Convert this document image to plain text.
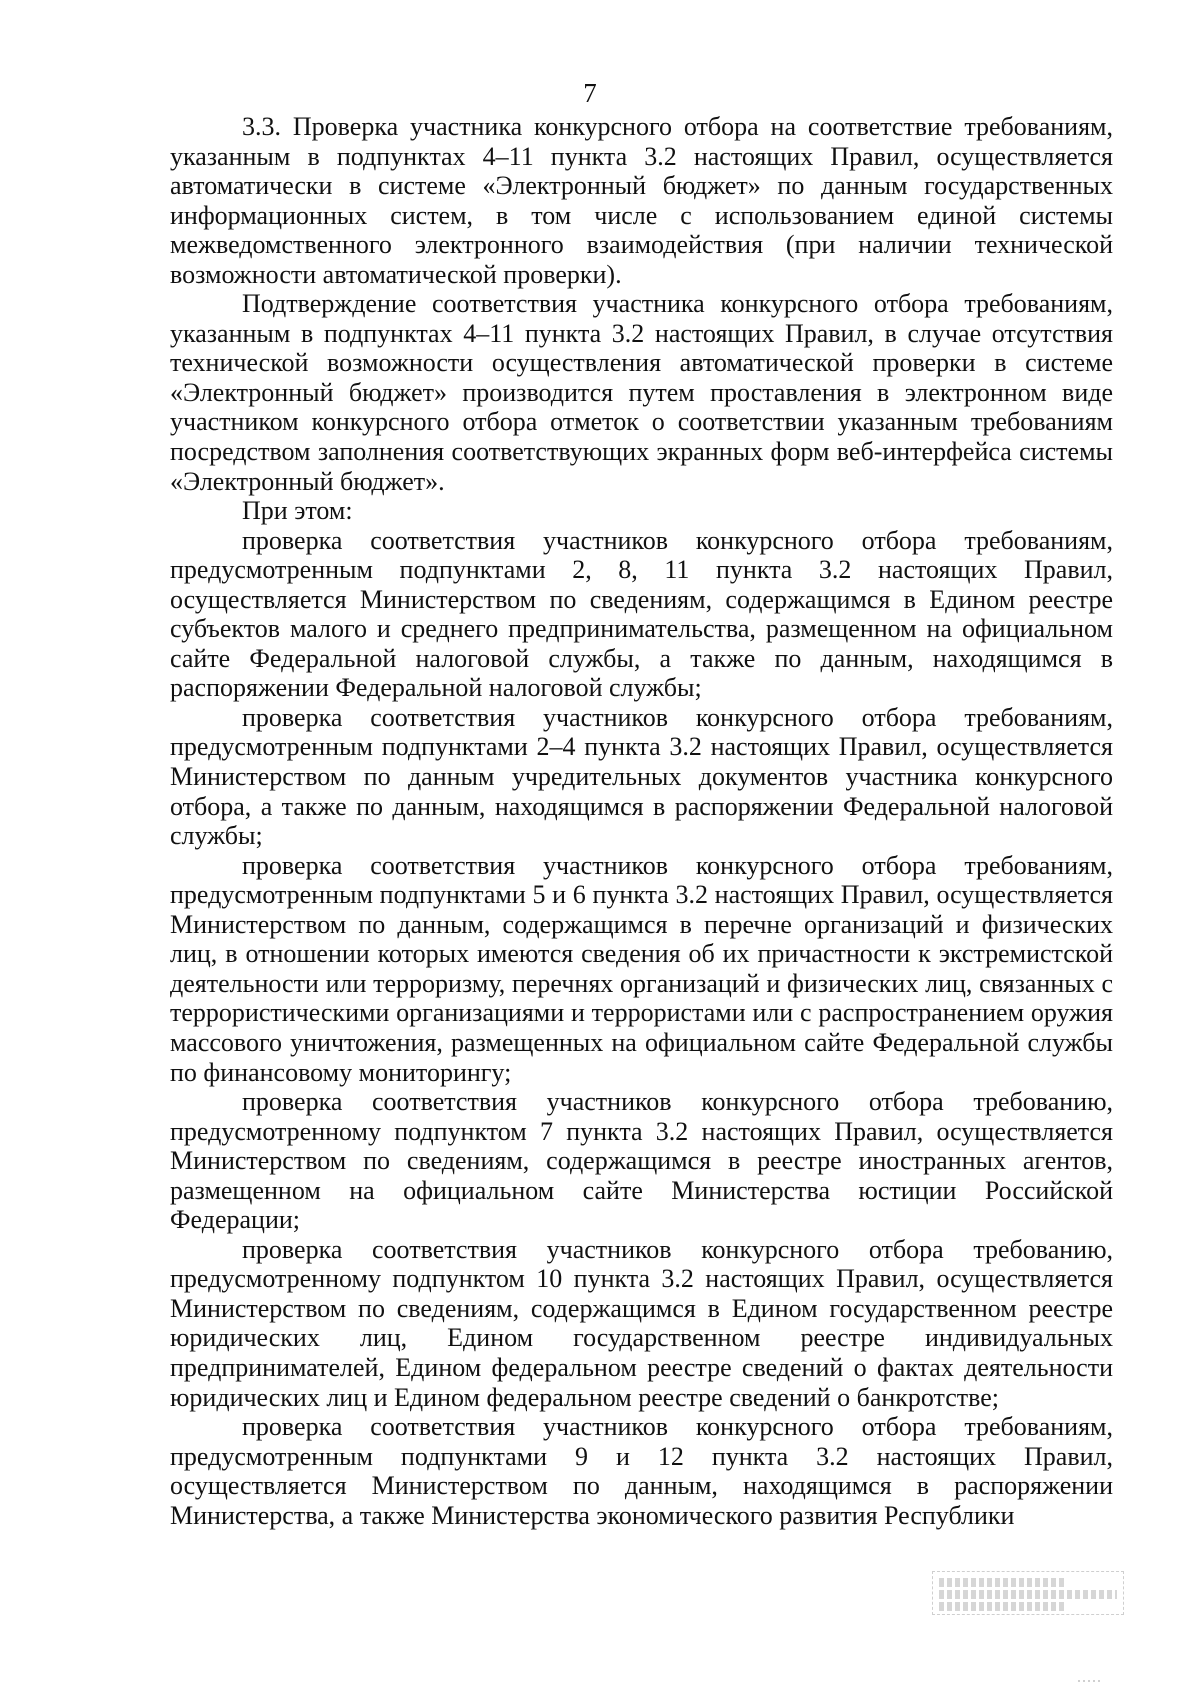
7

3.3. Проверка участника конкурсного отбора на соответствие требованиям, указанным в подпунктах 4–11 пункта 3.2 настоящих Правил, осуществляется автоматически в системе «Электронный бюджет» по данным государственных информационных систем, в том числе с использованием единой системы межведомственного электронного взаимодействия (при наличии технической возможности автоматической проверки).

Подтверждение соответствия участника конкурсного отбора требованиям, указанным в подпунктах 4–11 пункта 3.2 настоящих Правил, в случае отсутствия технической возможности осуществления автоматической проверки в системе «Электронный бюджет» производится путем проставления в электронном виде участником конкурсного отбора отметок о соответствии указанным требованиям посредством заполнения соответствующих экранных форм веб-интерфейса системы «Электронный бюджет».

При этом:

проверка соответствия участников конкурсного отбора требованиям, предусмотренным подпунктами 2, 8, 11 пункта 3.2 настоящих Правил, осуществляется Министерством по сведениям, содержащимся в Едином реестре субъектов малого и среднего предпринимательства, размещенном на официальном сайте Федеральной налоговой службы, а также по данным, находящимся в распоряжении Федеральной налоговой службы;

проверка соответствия участников конкурсного отбора требованиям, предусмотренным подпунктами 2–4 пункта 3.2 настоящих Правил, осуществляется Министерством по данным учредительных документов участника конкурсного отбора, а также по данным, находящимся в распоряжении Федеральной налоговой службы;

проверка соответствия участников конкурсного отбора требованиям, предусмотренным подпунктами 5 и 6 пункта 3.2 настоящих Правил, осуществляется Министерством по данным, содержащимся в перечне организаций и физических лиц, в отношении которых имеются сведения об их причастности к экстремистской деятельности или терроризму, перечнях организаций и физических лиц, связанных с террористическими организациями и террористами или с распространением оружия массового уничтожения, размещенных на официальном сайте Федеральной службы по финансовому мониторингу;

проверка соответствия участников конкурсного отбора требованию, предусмотренному подпунктом 7 пункта 3.2 настоящих Правил, осуществляется Министерством по сведениям, содержащимся в реестре иностранных агентов, размещенном на официальном сайте Министерства юстиции Российской Федерации;

проверка соответствия участников конкурсного отбора требованию, предусмотренному подпунктом 10 пункта 3.2 настоящих Правил, осуществляется Министерством по сведениям, содержащимся в Едином государственном реестре юридических лиц, Едином государственном реестре индивидуальных предпринимателей, Едином федеральном реестре сведений о фактах деятельности юридических лиц и Едином федеральном реестре сведений о банкротстве;

проверка соответствия участников конкурсного отбора требованиям, предусмотренным подпунктами 9 и 12 пункта 3.2 настоящих Правил, осуществляется Министерством по данным, находящимся в распоряжении Министерства, а также Министерства экономического развития Республики
